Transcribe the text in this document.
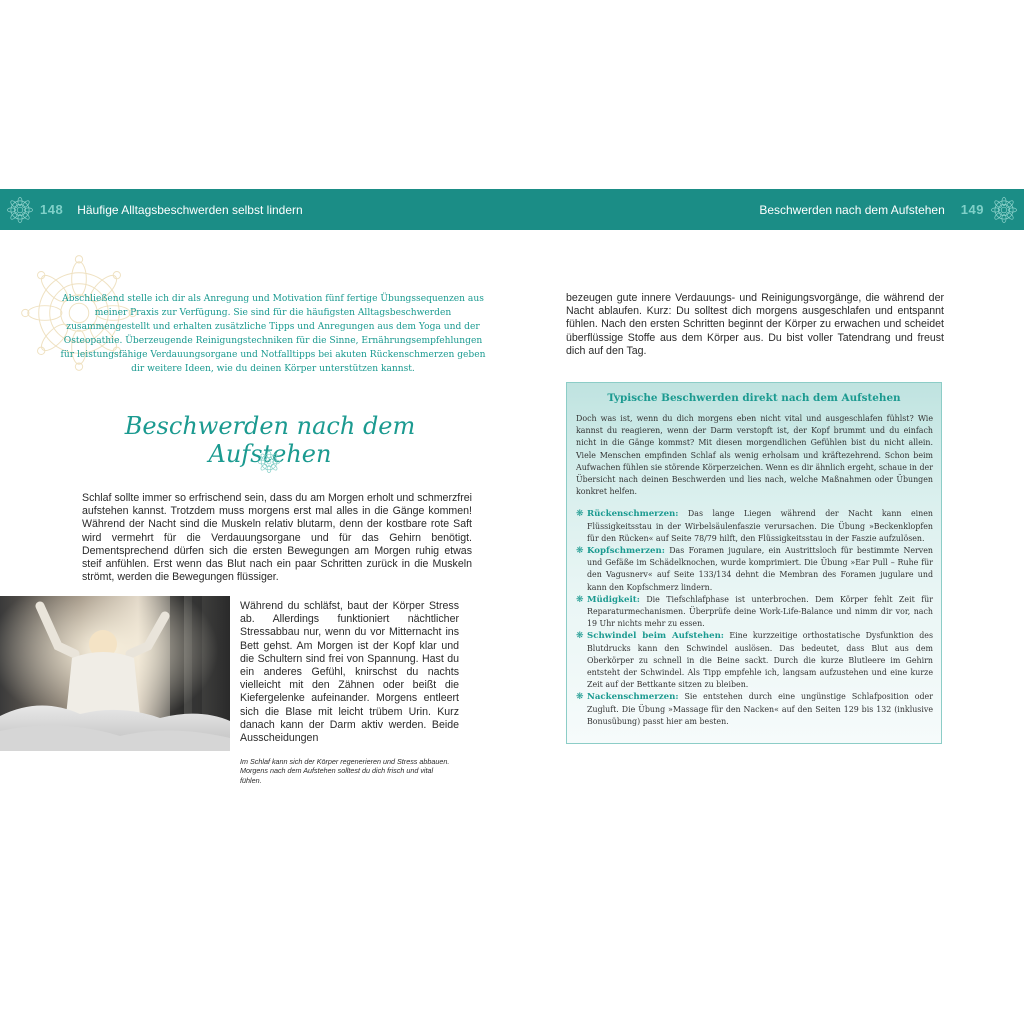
148 Häufige Alltagsbeschwerden selbst lindern	Beschwerden nach dem Aufstehen 149
Abschließend stelle ich dir als Anregung und Motivation fünf fertige Übungssequenzen aus meiner Praxis zur Verfügung. Sie sind für die häufigsten Alltagsbeschwerden zusammengestellt und erhalten zusätzliche Tipps und Anregungen aus dem Yoga und der Osteopathie. Überzeugende Reinigungstechniken für die Sinne, Ernährungsempfehlungen für leistungsfähige Verdauungsorgane und Notfalltipps bei akuten Rückenschmerzen geben dir weitere Ideen, wie du deinen Körper unterstützen kannst.
Beschwerden nach dem Aufstehen
Schlaf sollte immer so erfrischend sein, dass du am Morgen erholt und schmerzfrei aufstehen kannst. Trotzdem muss morgens erst mal alles in die Gänge kommen! Während der Nacht sind die Muskeln relativ blutarm, denn der kostbare rote Saft wird vermehrt für die Verdauungsorgane und für das Gehirn benötigt. Dementsprechend dürfen sich die ersten Bewegungen am Morgen ruhig etwas steif anfühlen. Erst wenn das Blut nach ein paar Schritten zurück in die Muskeln strömt, werden die Bewegungen flüssiger.
Während du schläfst, baut der Körper Stress ab. Allerdings funktioniert nächtlicher Stressabbau nur, wenn du vor Mitternacht ins Bett gehst. Am Morgen ist der Kopf klar und die Schultern sind frei von Spannung. Hast du ein anderes Gefühl, knirschst du nachts vielleicht mit den Zähnen oder beißt die Kiefergelenke aufeinander. Morgens entleert sich die Blase mit leicht trübem Urin. Kurz danach kann der Darm aktiv werden. Beide Ausscheidungen
Im Schlaf kann sich der Körper regenerieren und Stress abbauen. Morgens nach dem Aufstehen solltest du dich frisch und vital fühlen.
bezeugen gute innere Verdauungs- und Reinigungsvorgänge, die während der Nacht ablaufen. Kurz: Du solltest dich morgens ausgeschlafen und entspannt fühlen. Nach den ersten Schritten beginnt der Körper zu erwachen und scheidet überflüssige Stoffe aus dem Körper aus. Du bist voller Tatendrang und freust dich auf den Tag.
Typische Beschwerden direkt nach dem Aufstehen
Doch was ist, wenn du dich morgens eben nicht vital und ausgeschlafen fühlst? Wie kannst du reagieren, wenn der Darm verstopft ist, der Kopf brummt und du einfach nicht in die Gänge kommst? Mit diesen morgendlichen Gefühlen bist du nicht allein. Viele Menschen empfinden Schlaf als wenig erholsam und kräftezehrend. Schon beim Aufwachen fühlen sie störende Körperzeichen. Wenn es dir ähnlich ergeht, schaue in der Übersicht nach deinen Beschwerden und lies nach, welche Maßnahmen oder Übungen konkret helfen.
❋ Rückenschmerzen: Das lange Liegen während der Nacht kann einen Flüssigkeitsstau in der Wirbelsäulenfaszie verursachen. Die Übung »Beckenklopfen für den Rücken« auf Seite 78/79 hilft, den Flüssigkeitsstau in der Faszie aufzulösen.
❋ Kopfschmerzen: Das Foramen jugulare, ein Austrittsloch für bestimmte Nerven und Gefäße im Schädelknochen, wurde komprimiert. Die Übung »Ear Pull – Ruhe für den Vagusnerv« auf Seite 133/134 dehnt die Membran des Foramen jugulare und kann den Kopfschmerz lindern.
❋ Müdigkeit: Die Tiefschlafphase ist unterbrochen. Dem Körper fehlt Zeit für Reparaturmechanismen. Überprüfe deine Work-Life-Balance und nimm dir vor, nach 19 Uhr nichts mehr zu essen.
❋ Schwindel beim Aufstehen: Eine kurzzeitige orthostatische Dysfunktion des Blutdrucks kann den Schwindel auslösen. Das bedeutet, dass Blut aus dem Oberkörper zu schnell in die Beine sackt. Durch die kurze Blutleere im Gehirn entsteht der Schwindel. Als Tipp empfehle ich, langsam aufzustehen und eine kurze Zeit auf der Bettkante sitzen zu bleiben.
❋ Nackenschmerzen: Sie entstehen durch eine ungünstige Schlafposition oder Zugluft. Die Übung »Massage für den Nacken« auf den Seiten 129 bis 132 (inklusive Bonusübung) passt hier am besten.
